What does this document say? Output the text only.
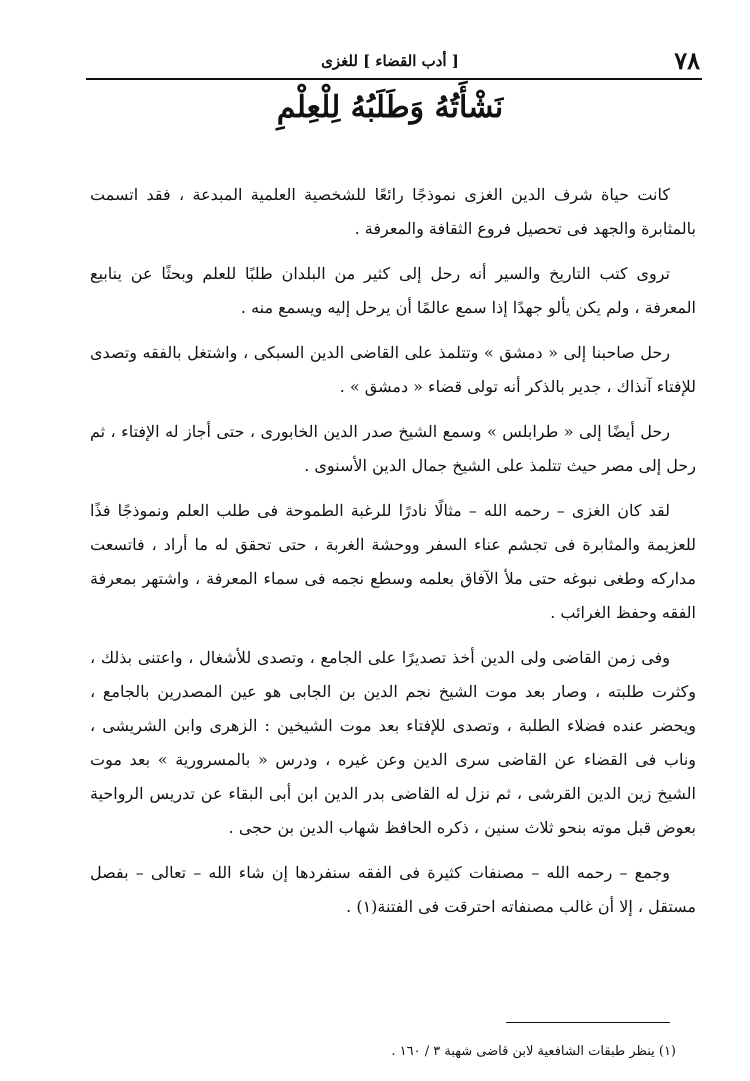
٧٨
[ أدب القضاء ] للغزى
نَشْأَتُهُ وَطَلَبُهُ لِلْعِلْمِ

كانت حياة شرف الدين الغزى نموذجًا رائعًا للشخصية العلمية المبدعة ، فقد اتسمت بالمثابرة والجهد فى تحصيل فروع الثقافة والمعرفة .

تروى كتب التاريخ والسير أنه رحل إلى كثير من البلدان طلبًا للعلم وبحثًا عن ينابيع المعرفة ، ولم يكن يألو جهدًا إذا سمع عالمًا أن يرحل إليه ويسمع منه .

رحل صاحبنا إلى « دمشق » وتتلمذ على القاضى الدين السبكى ، واشتغل بالفقه وتصدى للإفتاء آنذاك ، جدير بالذكر أنه تولى قضاء « دمشق » .

رحل أيضًا إلى « طرابلس » وسمع الشيخ صدر الدين الخابورى ، حتى أجاز له الإفتاء ، ثم رحل إلى مصر حيث تتلمذ على الشيخ جمال الدين الأسنوى .

لقد كان الغزى – رحمه الله – مثالًا نادرًا للرغبة الطموحة فى طلب العلم ونموذجًا فذًا للعزيمة والمثابرة فى تجشم عناء السفر ووحشة الغربة ، حتى تحقق له ما أراد ، فاتسعت مداركه وطغى نبوغه حتى ملأ الآفاق بعلمه وسطع نجمه فى سماء المعرفة ، واشتهر بمعرفة الفقه وحفظ الغرائب .

وفى زمن القاضى ولى الدين أخذ تصديرًا على الجامع ، وتصدى للأشغال ، واعتنى بذلك ، وكثرت طلبته ، وصار بعد موت الشيخ نجم الدين بن الجابى هو عين المصدرين بالجامع ، ويحضر عنده فضلاء الطلبة ، وتصدى للإفتاء بعد موت الشيخين : الزهرى وابن الشريشى ، وناب فى القضاء عن القاضى سرى الدين وعن غيره ، ودرس « بالمسرورية » بعد موت الشيخ زين الدين القرشى ، ثم نزل له القاضى بدر الدين ابن أبى البقاء عن تدريس الرواحية بعوض قبل موته بنحو ثلاث سنين ، ذكره الحافظ شهاب الدين بن حجى .

وجمع – رحمه الله – مصنفات كثيرة فى الفقه سنفردها إن شاء الله – تعالى – بفصل مستقل ، إلا أن غالب مصنفاته احترقت فى الفتنة(١) .

(١) ينظر طبقات الشافعية لابن قاضى شهبة ٣ / ١٦٠ .
